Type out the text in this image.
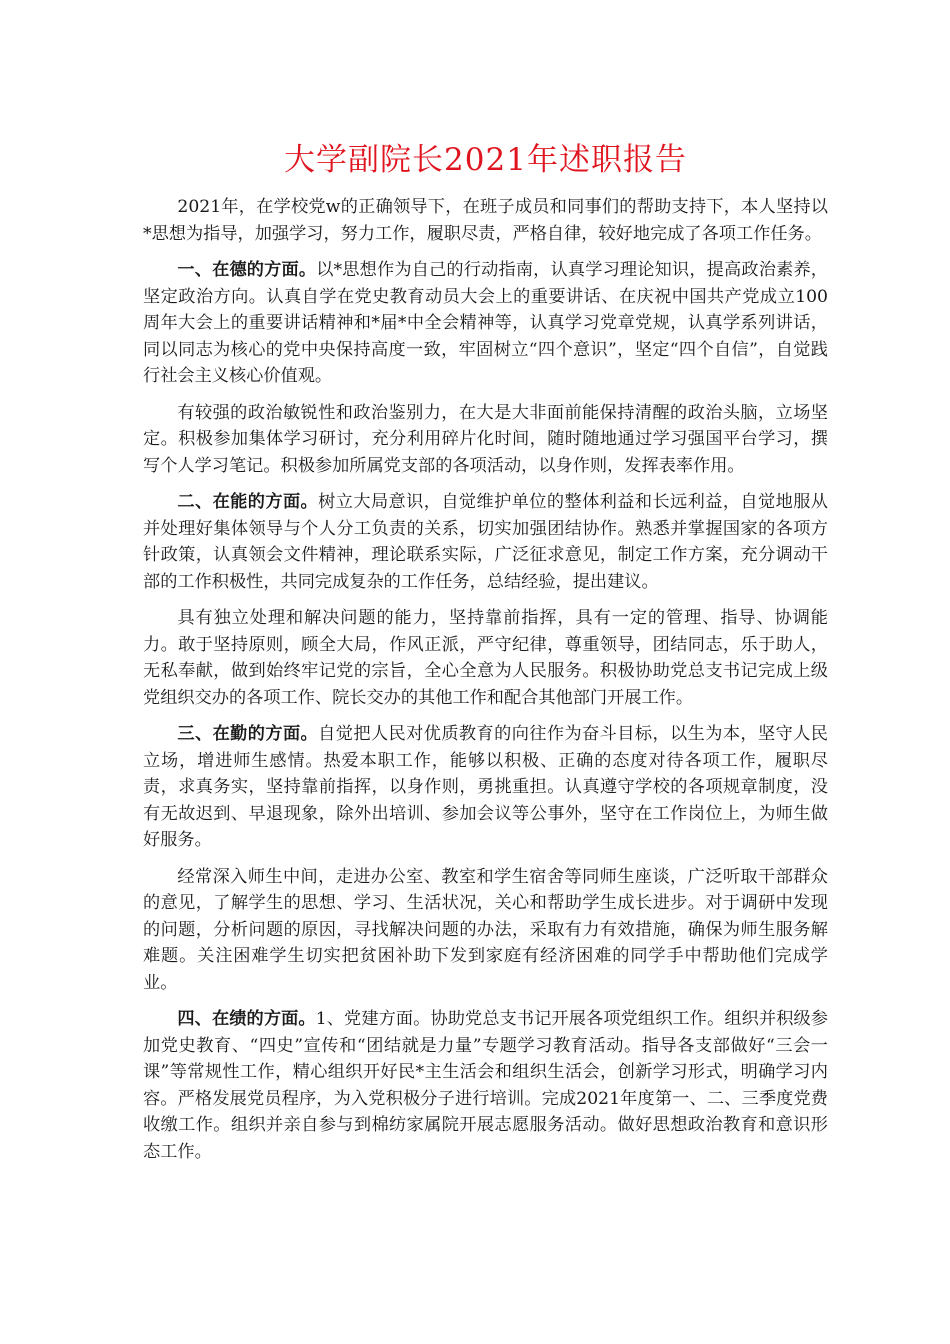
大学副院长2021年述职报告

2021年，在学校党w的正确领导下，在班子成员和同事们的帮助支持下，本人坚持以*思想为指导，加强学习，努力工作，履职尽责，严格自律，较好地完成了各项工作任务。

一、在德的方面。以*思想作为自己的行动指南，认真学习理论知识，提高政治素养，坚定政治方向。认真自学在党史教育动员大会上的重要讲话、在庆祝中国共产党成立100周年大会上的重要讲话精神和*届*中全会精神等，认真学习党章党规，认真学系列讲话，同以同志为核心的党中央保持高度一致，牢固树立“四个意识”，坚定“四个自信”，自觉践行社会主义核心价值观。

有较强的政治敏锐性和政治鉴别力，在大是大非面前能保持清醒的政治头脑，立场坚定。积极参加集体学习研讨，充分利用碎片化时间，随时随地通过学习强国平台学习，撰写个人学习笔记。积极参加所属党支部的各项活动，以身作则，发挥表率作用。

二、在能的方面。树立大局意识，自觉维护单位的整体利益和长远利益，自觉地服从并处理好集体领导与个人分工负责的关系，切实加强团结协作。熟悉并掌握国家的各项方针政策，认真领会文件精神，理论联系实际，广泛征求意见，制定工作方案，充分调动干部的工作积极性，共同完成复杂的工作任务，总结经验，提出建议。

具有独立处理和解决问题的能力，坚持靠前指挥，具有一定的管理、指导、协调能力。敢于坚持原则，顾全大局，作风正派，严守纪律，尊重领导，团结同志，乐于助人，无私奉献，做到始终牢记党的宗旨，全心全意为人民服务。积极协助党总支书记完成上级党组织交办的各项工作、院长交办的其他工作和配合其他部门开展工作。

三、在勤的方面。自觉把人民对优质教育的向往作为奋斗目标，以生为本，坚守人民立场，增进师生感情。热爱本职工作，能够以积极、正确的态度对待各项工作，履职尽责，求真务实，坚持靠前指挥，以身作则，勇挑重担。认真遵守学校的各项规章制度，没有无故迟到、早退现象，除外出培训、参加会议等公事外，坚守在工作岗位上，为师生做好服务。

经常深入师生中间，走进办公室、教室和学生宿舍等同师生座谈，广泛听取干部群众的意见，了解学生的思想、学习、生活状况，关心和帮助学生成长进步。对于调研中发现的问题，分析问题的原因，寻找解决问题的办法，采取有力有效措施，确保为师生服务解难题。关注困难学生切实把贫困补助下发到家庭有经济困难的同学手中帮助他们完成学业。

四、在绩的方面。1、党建方面。协助党总支书记开展各项党组织工作。组织并积级参加党史教育、“四史”宣传和“团结就是力量”专题学习教育活动。指导各支部做好“三会一课”等常规性工作，精心组织开好民*主生活会和组织生活会，创新学习形式，明确学习内容。严格发展党员程序，为入党积极分子进行培训。完成2021年度第一、二、三季度党费收缴工作。组织并亲自参与到棉纺家属院开展志愿服务活动。做好思想政治教育和意识形态工作。
